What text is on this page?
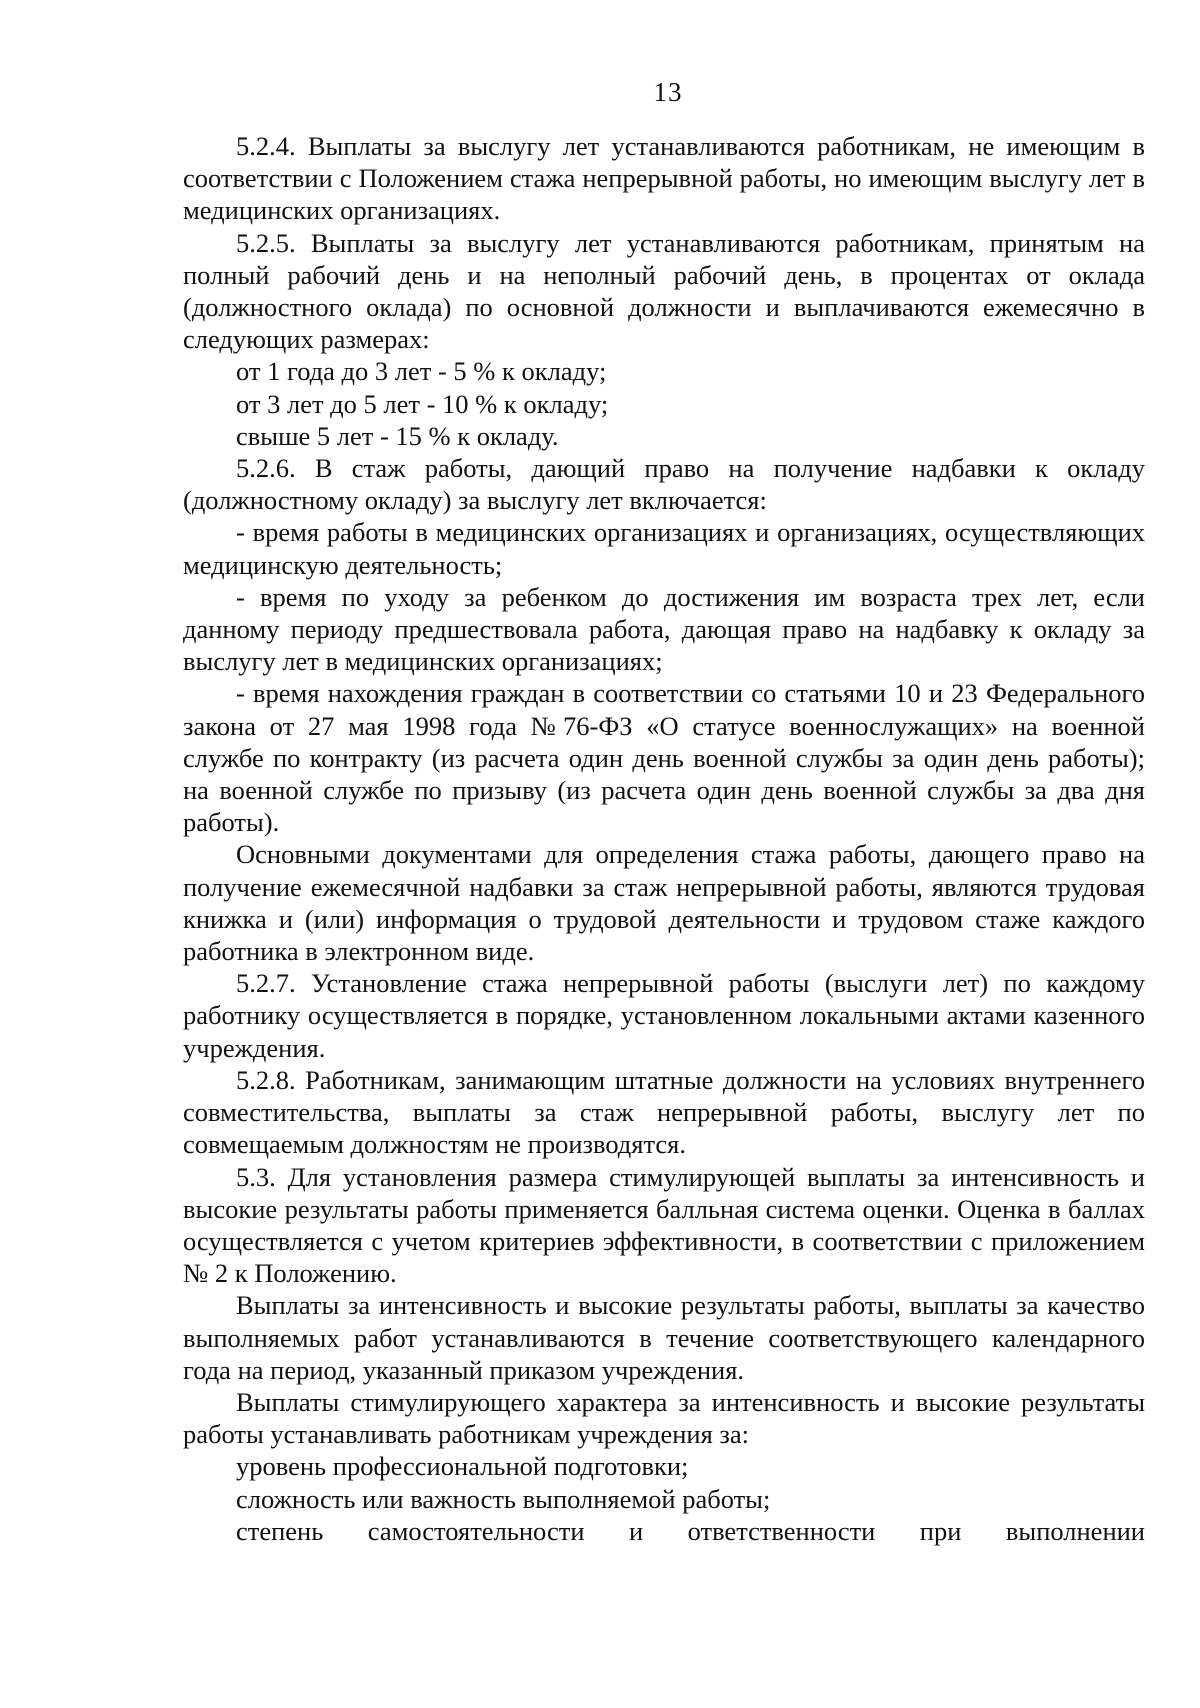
13

5.2.4. Выплаты за выслугу лет устанавливаются работникам, не имеющим в соответствии с Положением стажа непрерывной работы, но имеющим выслугу лет в медицинских организациях.

5.2.5. Выплаты за выслугу лет устанавливаются работникам, принятым на полный рабочий день и на неполный рабочий день, в процентах от оклада (должностного оклада) по основной должности и выплачиваются ежемесячно в следующих размерах:

от 1 года до 3 лет - 5 % к окладу;

от 3 лет до 5 лет - 10 % к окладу;

свыше 5 лет - 15 % к окладу.

5.2.6. В стаж работы, дающий право на получение надбавки к окладу (должностному окладу) за выслугу лет включается:

- время работы в медицинских организациях и организациях, осуществляющих медицинскую деятельность;

- время по уходу за ребенком до достижения им возраста трех лет, если данному периоду предшествовала работа, дающая право на надбавку к окладу за выслугу лет в медицинских организациях;

- время нахождения граждан в соответствии со статьями 10 и 23 Федерального закона от 27 мая 1998 года №76-ФЗ «О статусе военнослужащих» на военной службе по контракту (из расчета один день военной службы за один день работы); на военной службе по призыву (из расчета один день военной службы за два дня работы).

Основными документами для определения стажа работы, дающего право на получение ежемесячной надбавки за стаж непрерывной работы, являются трудовая книжка и (или) информация о трудовой деятельности и трудовом стаже каждого работника в электронном виде.

5.2.7. Установление стажа непрерывной работы (выслуги лет) по каждому работнику осуществляется в порядке, установленном локальными актами казенного учреждения.

5.2.8. Работникам, занимающим штатные должности на условиях внутреннего совместительства, выплаты за стаж непрерывной работы, выслугу лет по совмещаемым должностям не производятся.

5.3. Для установления размера стимулирующей выплаты за интенсивность и высокие результаты работы применяется балльная система оценки. Оценка в баллах осуществляется с учетом критериев эффективности, в соответствии с приложением № 2 к Положению.

Выплаты за интенсивность и высокие результаты работы, выплаты за качество выполняемых работ устанавливаются в течение соответствующего календарного года на период, указанный приказом учреждения.

Выплаты стимулирующего характера за интенсивность и высокие результаты работы устанавливать работникам учреждения за:

уровень профессиональной подготовки;

сложность или важность выполняемой работы;

степень самостоятельности и ответственности при выполнении
